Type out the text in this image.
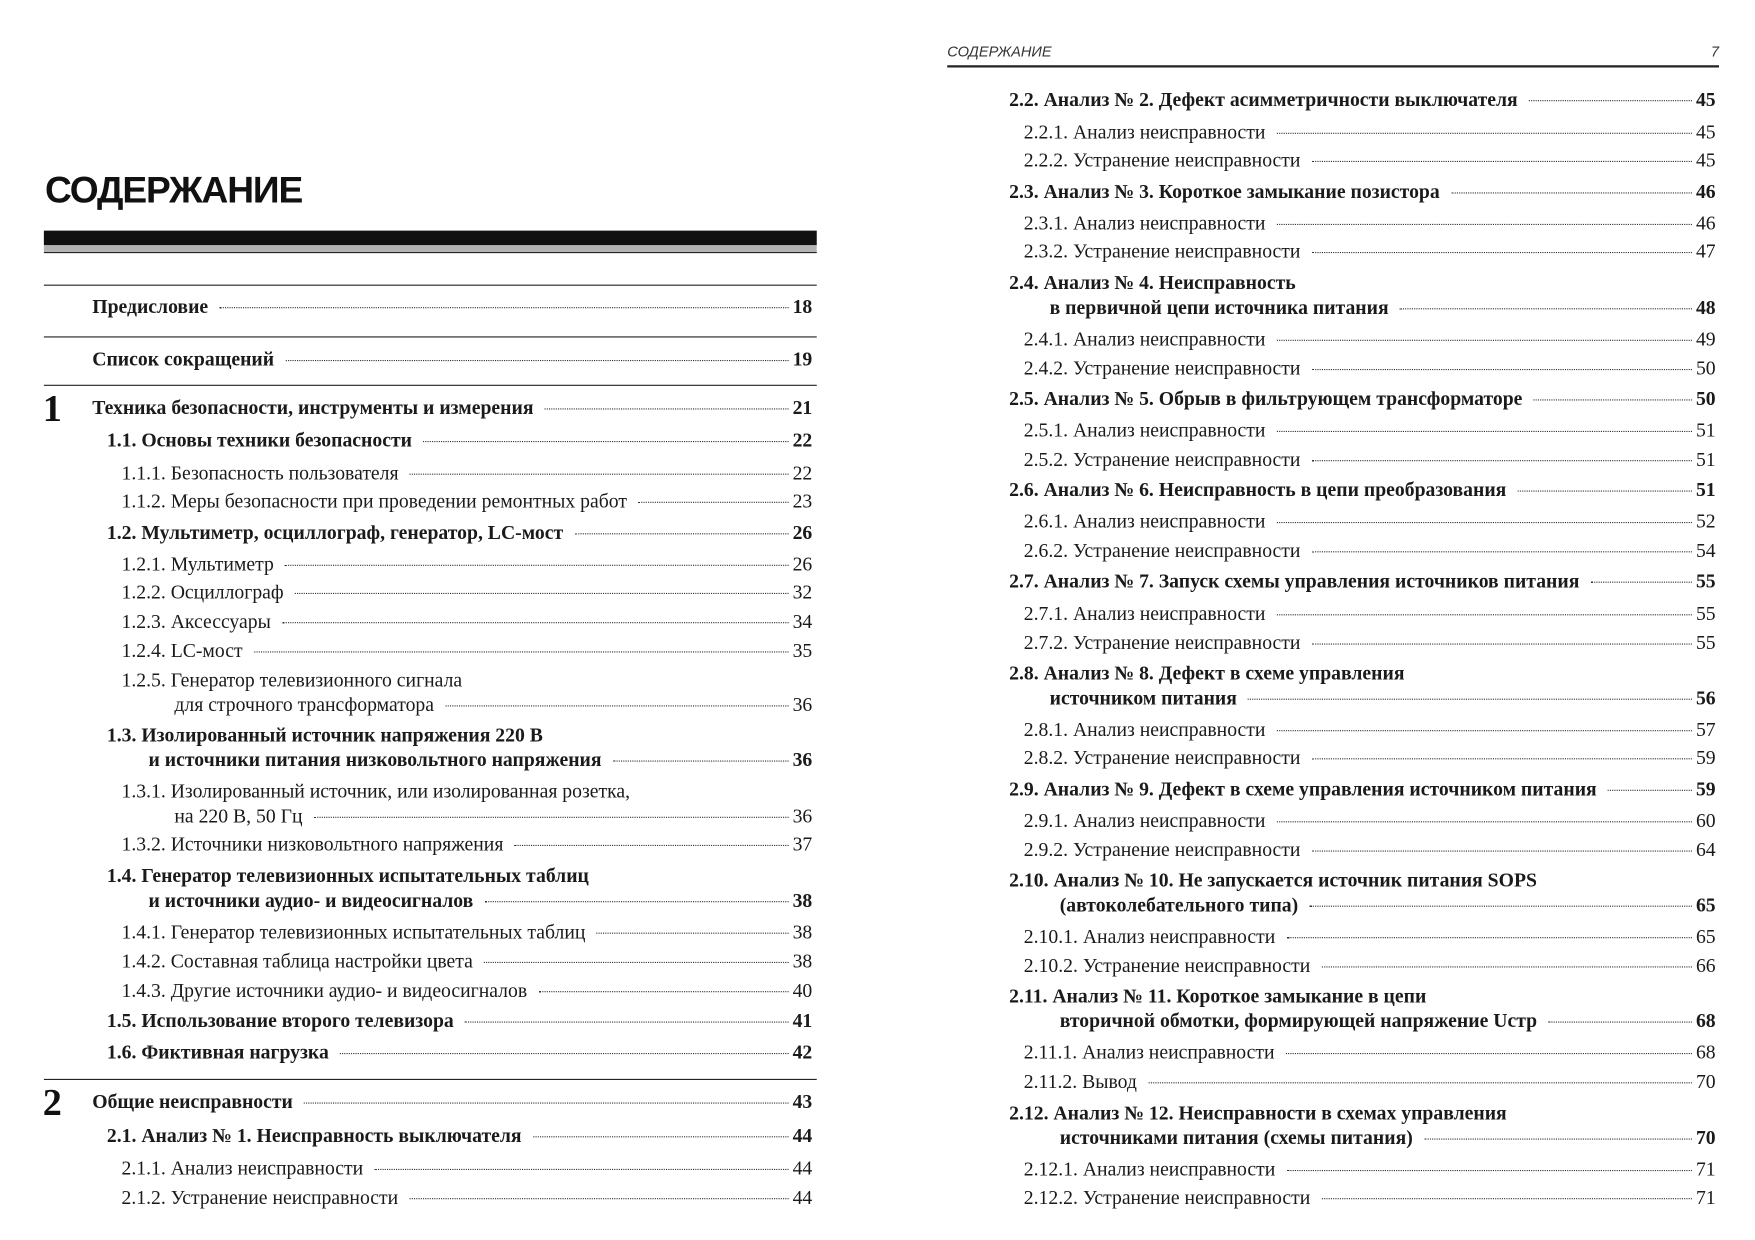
СОДЕРЖАНИЕ
СОДЕРЖАНИЕ	7
Предисловие	18
Список сокращений	19
1 Техника безопасности, инструменты и измерения	21
1.1. Основы техники безопасности	22
1.1.1. Безопасность пользователя	22
1.1.2. Меры безопасности при проведении ремонтных работ	23
1.2. Мультиметр, осциллограф, генератор, LC-мост	26
1.2.1. Мультиметр	26
1.2.2. Осциллограф	32
1.2.3. Аксессуары	34
1.2.4. LC-мост	35
1.2.5. Генератор телевизионного сигнала
для строчного трансформатора	36
1.3. Изолированный источник напряжения 220 В
и источники питания низковольтного напряжения	36
1.3.1. Изолированный источник, или изолированная розетка,
на 220 В, 50 Гц	36
1.3.2. Источники низковольтного напряжения	37
1.4. Генератор телевизионных испытательных таблиц
и источники аудио- и видеосигналов	38
1.4.1. Генератор телевизионных испытательных таблиц	38
1.4.2. Составная таблица настройки цвета	38
1.4.3. Другие источники аудио- и видеосигналов	40
1.5. Использование второго телевизора	41
1.6. Фиктивная нагрузка	42
2 Общие неисправности	43
2.1. Анализ № 1. Неисправность выключателя	44
2.1.1. Анализ неисправности	44
2.1.2. Устранение неисправности	44
2.2. Анализ № 2. Дефект асимметричности выключателя	45
2.2.1. Анализ неисправности	45
2.2.2. Устранение неисправности	45
2.3. Анализ № 3. Короткое замыкание позистора	46
2.3.1. Анализ неисправности	46
2.3.2. Устранение неисправности	47
2.4. Анализ № 4. Неисправность
в первичной цепи источника питания	48
2.4.1. Анализ неисправности	49
2.4.2. Устранение неисправности	50
2.5. Анализ № 5. Обрыв в фильтрующем трансформаторе	50
2.5.1. Анализ неисправности	51
2.5.2. Устранение неисправности	51
2.6. Анализ № 6. Неисправность в цепи преобразования	51
2.6.1. Анализ неисправности	52
2.6.2. Устранение неисправности	54
2.7. Анализ № 7. Запуск схемы управления источников питания	55
2.7.1. Анализ неисправности	55
2.7.2. Устранение неисправности	55
2.8. Анализ № 8. Дефект в схеме управления
источником питания	56
2.8.1. Анализ неисправности	57
2.8.2. Устранение неисправности	59
2.9. Анализ № 9. Дефект в схеме управления источником питания	59
2.9.1. Анализ неисправности	60
2.9.2. Устранение неисправности	64
2.10. Анализ № 10. Не запускается источник питания SOPS
(автоколебательного типа)	65
2.10.1. Анализ неисправности	65
2.10.2. Устранение неисправности	66
2.11. Анализ № 11. Короткое замыкание в цепи
вторичной обмотки, формирующей напряжение Uстр	68
2.11.1. Анализ неисправности	68
2.11.2. Вывод	70
2.12. Анализ № 12. Неисправности в схемах управления
источниками питания (схемы питания)	70
2.12.1. Анализ неисправности	71
2.12.2. Устранение неисправности	71
